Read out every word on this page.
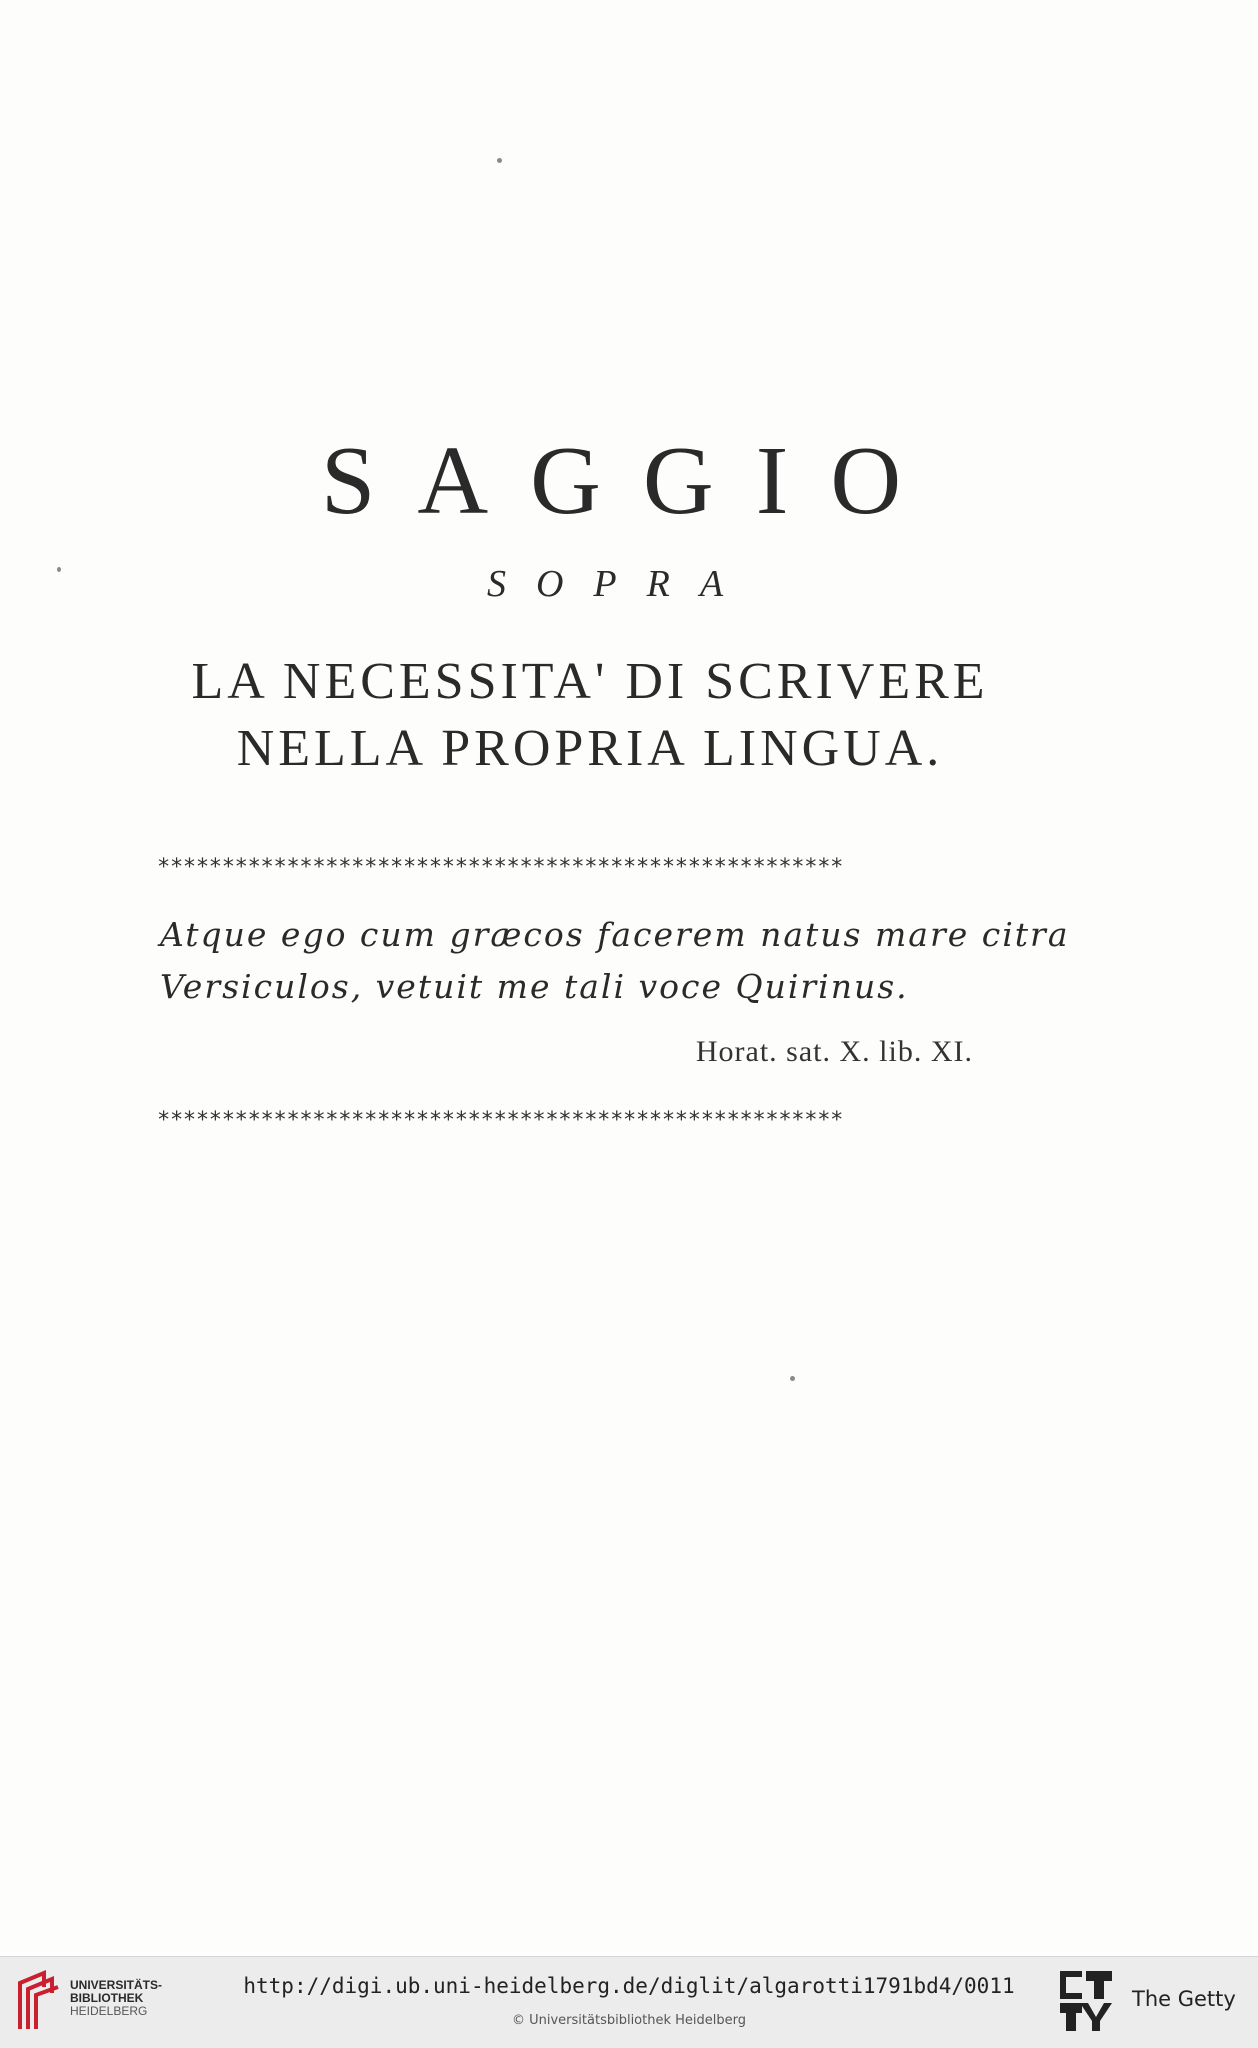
SAGGIO
SOPRA
LA NECESSITA' DI SCRIVERE
NELLA PROPRIA LINGUA.
*****************************************************
Atque ego cum græcos facerem natus mare citra
Versiculos, vetuit me tali voce Quirinus.
Horat. sat. X. lib. XI.
*****************************************************
UNIVERSITÄTS-
BIBLIOTHEK
HEIDELBERG
http://digi.ub.uni-heidelberg.de/diglit/algarotti1791bd4/0011
© Universitätsbibliothek Heidelberg
The Getty
